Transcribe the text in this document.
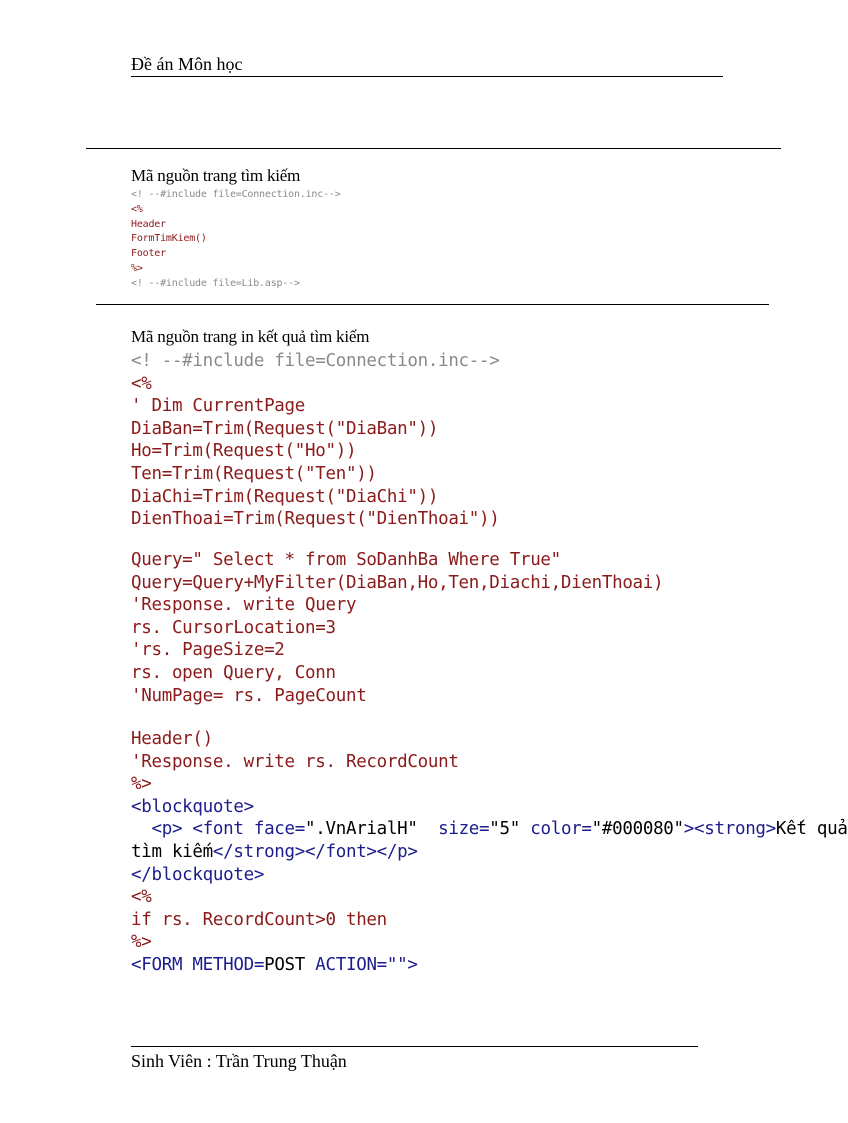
Đề án Môn học
Mã nguồn trang tìm kiếm
<! --#include file=Connection.inc-->
<%
Header
FormTimKiem()
Footer
%>
<! --#include file=Lib.asp-->
Mã nguồn trang in kết quả tìm kiếm
<! --#include file=Connection.inc-->
<%
' Dim CurrentPage
DiaBan=Trim(Request("DiaBan"))
Ho=Trim(Request("Ho"))
Ten=Trim(Request("Ten"))
DiaChi=Trim(Request("DiaChi"))
DienThoai=Trim(Request("DienThoai"))
Query=" Select * from SoDanhBa Where True"
Query=Query+MyFilter(DiaBan,Ho,Ten,Diachi,DienThoai)
'Response. write Query
rs. CursorLocation=3
'rs. PageSize=2
rs. open Query, Conn
'NumPage= rs. PageCount
Header()
'Response. write rs. RecordCount
%>
<blockquote>
<p> <font face=".VnArialH"  size="5" color="#000080"><strong>Kết quả
tìm kiếm</strong></font></p>
</blockquote>
<%
if rs. RecordCount>0 then
%>
<FORM METHOD=POST ACTION="">
Sinh Viên : Trần Trung Thuận
